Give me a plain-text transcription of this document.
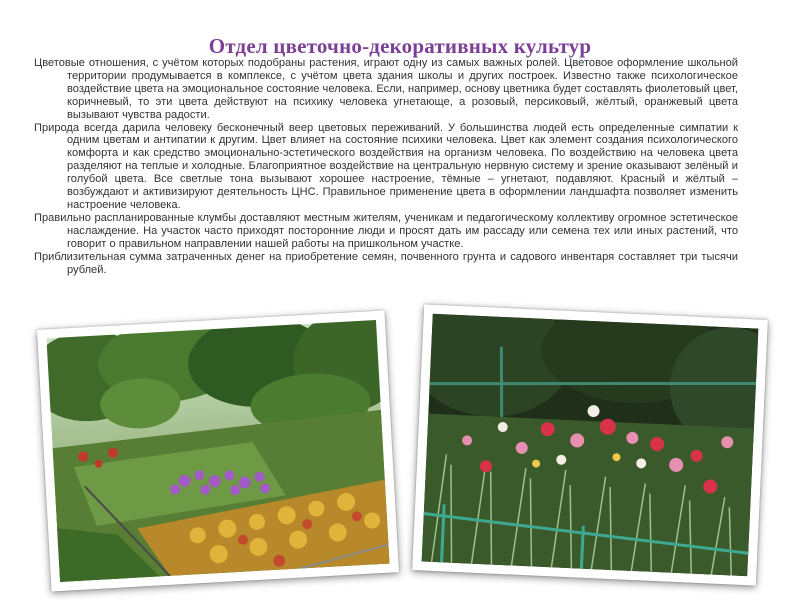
Отдел цветочно-декоративных культур

Цветовые отношения, с учётом которых подобраны растения, играют одну из самых важных ролей. Цветовое оформление школьной территории продумывается в комплексе, с учётом цвета здания школы и других построек. Известно также психологическое воздействие цвета на эмоциональное состояние человека. Если, например, основу цветника будет составлять фиолетовый цвет, коричневый, то эти цвета действуют на психику человека угнетающе, а розовый, персиковый, жёлтый, оранжевый цвета вызывают чувства радости.

Природа всегда дарила человеку бесконечный веер цветовых переживаний. У большинства людей есть определенные симпатии к одним цветам и антипатии к другим. Цвет влияет на состояние психики человека. Цвет как элемент создания психологического комфорта и как средство эмоционально-эстетического воздействия на организм человека. По воздействию на человека цвета разделяют на теплые и холодные. Благоприятное воздействие на центральную нервную систему и зрение оказывают зелёный и голубой цвета. Все светлые тона вызывают хорошее настроение, тёмные – угнетают, подавляют. Красный и жёлтый – возбуждают и активизируют деятельность ЦНС. Правильное применение цвета в оформлении ландшафта позволяет изменить настроение человека.

Правильно распланированные клумбы доставляют местным жителям, ученикам и педагогическому коллективу огромное эстетическое наслаждение. На участок часто приходят посторонние люди и просят дать им рассаду или семена тех или иных растений, что говорит о правильном направлении нашей работы на пришкольном участке.

Приблизительная сумма затраченных денег на приобретение семян, почвенного грунта и садового инвентаря составляет три тысячи рублей.
